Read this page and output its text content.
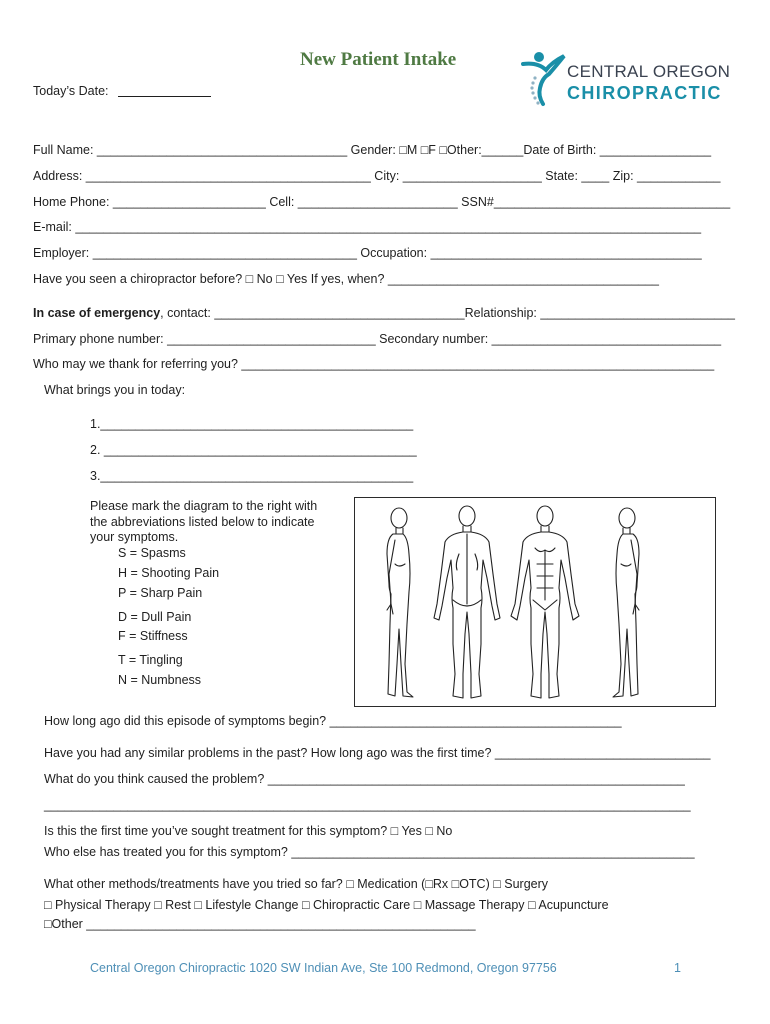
New Patient Intake
CENTRAL OREGON
CHIROPRACTIC
Today’s Date:
Full Name: ____________________________________ Gender: □M □F □Other:______Date of Birth: ________________
Address: _________________________________________ City: ____________________ State: ____ Zip: ____________
Home Phone: ______________________ Cell: _______________________ SSN#__________________________________
E-mail: __________________________________________________________________________________________
Employer: ______________________________________ Occupation: _______________________________________
Have you seen a chiropractor before? □ No □ Yes If yes, when? _______________________________________
In case of emergency, contact: ____________________________________Relationship: ____________________________
Primary phone number: ______________________________ Secondary number: _________________________________
Who may we thank for referring you? ____________________________________________________________________
What brings you in today:
1._____________________________________________
2. _____________________________________________
3._____________________________________________
Please mark the diagram to the right with
the abbreviations listed below to indicate
your symptoms.
S = Spasms
H = Shooting Pain
P = Sharp Pain
D = Dull Pain
F = Stiffness
T = Tingling
N = Numbness
How long ago did this episode of symptoms begin? __________________________________________
Have you had any similar problems in the past? How long ago was the first time? _______________________________
What do you think caused the problem? ____________________________________________________________
_____________________________________________________________________________________________
Is this the first time you’ve sought treatment for this symptom? □ Yes □ No
Who else has treated you for this symptom? __________________________________________________________
What other methods/treatments have you tried so far? □ Medication (□Rx □OTC) □ Surgery
□ Physical Therapy □ Rest □ Lifestyle Change □ Chiropractic Care □ Massage Therapy □ Acupuncture
□Other ________________________________________________________
Central Oregon Chiropractic 1020 SW Indian Ave, Ste 100 Redmond, Oregon 97756	1
